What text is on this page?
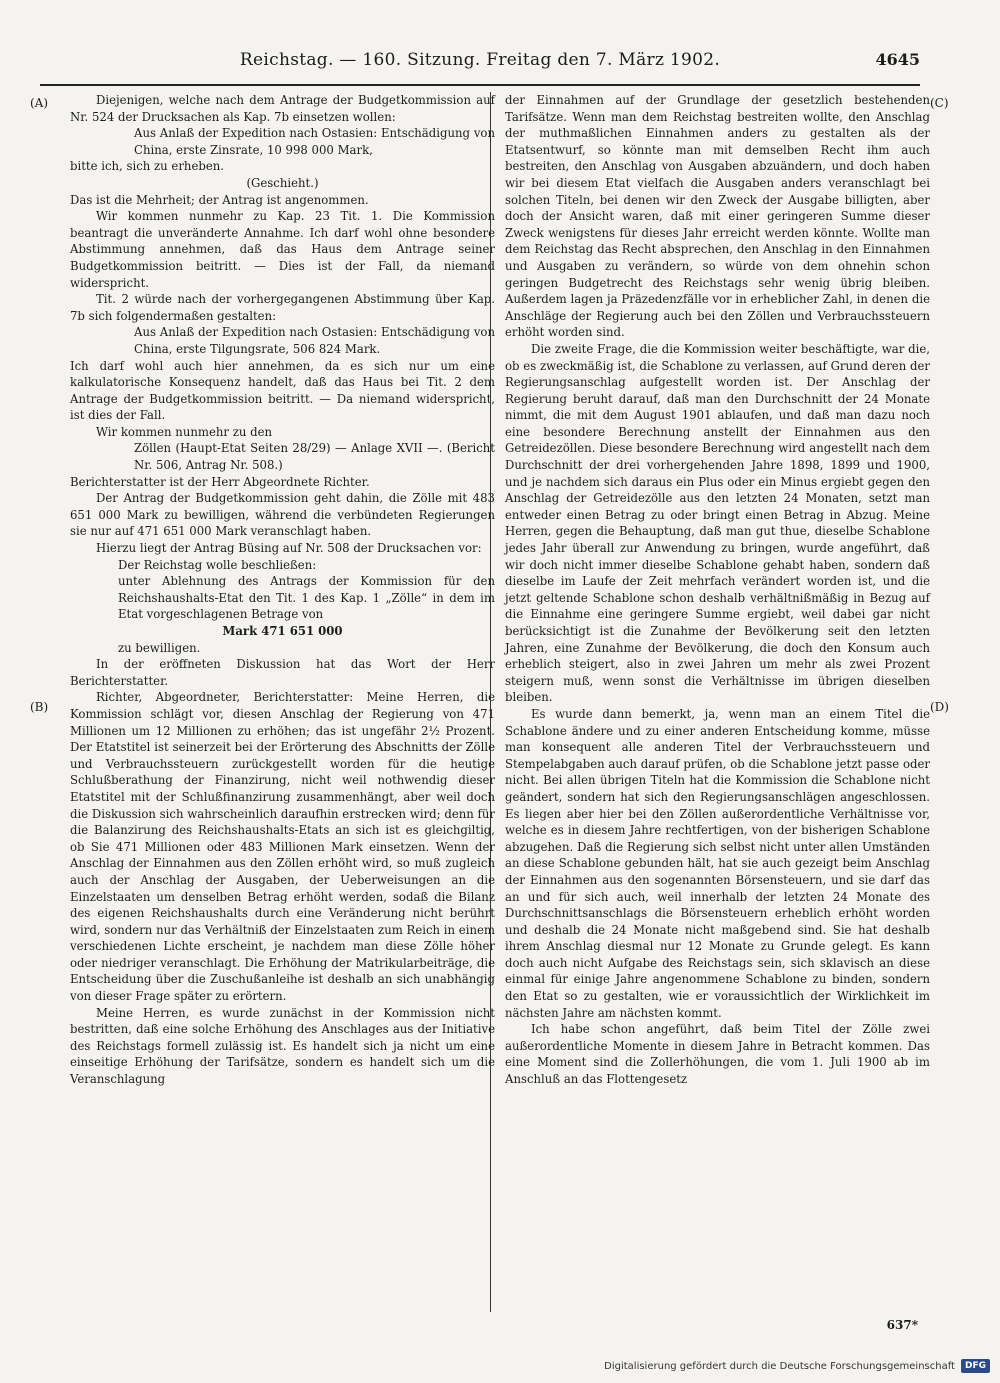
Reichstag. — 160. Sitzung. Freitag den 7. März 1902.	4645
(A)
(B)
(C)
(D)

Diejenigen, welche nach dem Antrage der Budgetkommission auf Nr. 524 der Drucksachen als Kap. 7b einsetzen wollen:

Aus Anlaß der Expedition nach Ostasien: Entschädigung von China, erste Zinsrate, 10 998 000 Mark,

bitte ich, sich zu erheben.

(Geschieht.)

Das ist die Mehrheit; der Antrag ist angenommen.

Wir kommen nunmehr zu Kap. 23 Tit. 1. Die Kommission beantragt die unveränderte Annahme. Ich darf wohl ohne besondere Abstimmung annehmen, daß das Haus dem Antrage seiner Budgetkommission beitritt. — Dies ist der Fall, da niemand widerspricht.

Tit. 2 würde nach der vorhergegangenen Abstimmung über Kap. 7b sich folgendermaßen gestalten:

Aus Anlaß der Expedition nach Ostasien: Entschädigung von China, erste Tilgungsrate, 506 824 Mark.

Ich darf wohl auch hier annehmen, da es sich nur um eine kalkulatorische Konsequenz handelt, daß das Haus bei Tit. 2 dem Antrage der Budgetkommission beitritt. — Da niemand widerspricht, ist dies der Fall.

Wir kommen nunmehr zu den

Zöllen (Haupt-Etat Seiten 28/29) — Anlage XVII —. (Bericht Nr. 506, Antrag Nr. 508.)

Berichterstatter ist der Herr Abgeordnete Richter.

Der Antrag der Budgetkommission geht dahin, die Zölle mit 483 651 000 Mark zu bewilligen, während die verbündeten Regierungen sie nur auf 471 651 000 Mark veranschlagt haben.

Hierzu liegt der Antrag Büsing auf Nr. 508 der Drucksachen vor:

Der Reichstag wolle beschließen:

unter Ablehnung des Antrags der Kommission für den Reichshaushalts-Etat den Tit. 1 des Kap. 1 „Zölle“ in dem im Etat vorgeschlagenen Betrage von

Mark 471 651 000

zu bewilligen.

In der eröffneten Diskussion hat das Wort der Herr Berichterstatter.

Richter, Abgeordneter, Berichterstatter: Meine Herren, die Kommission schlägt vor, diesen Anschlag der Regierung von 471 Millionen um 12 Millionen zu erhöhen; das ist ungefähr 2½ Prozent. Der Etatstitel ist seinerzeit bei der Erörterung des Abschnitts der Zölle und Verbrauchssteuern zurückgestellt worden für die heutige Schlußberathung der Finanzirung, nicht weil nothwendig dieser Etatstitel mit der Schlußfinanzirung zusammenhängt, aber weil doch die Diskussion sich wahrscheinlich daraufhin erstrecken wird; denn für die Balanzirung des Reichshaushalts-Etats an sich ist es gleichgiltig, ob Sie 471 Millionen oder 483 Millionen Mark einsetzen. Wenn der Anschlag der Einnahmen aus den Zöllen erhöht wird, so muß zugleich auch der Anschlag der Ausgaben, der Ueberweisungen an die Einzelstaaten um denselben Betrag erhöht werden, sodaß die Bilanz des eigenen Reichshaushalts durch eine Veränderung nicht berührt wird, sondern nur das Verhältniß der Einzelstaaten zum Reich in einem verschiedenen Lichte erscheint, je nachdem man diese Zölle höher oder niedriger veranschlagt. Die Erhöhung der Matrikularbeiträge, die Entscheidung über die Zuschußanleihe ist deshalb an sich unabhängig von dieser Frage später zu erörtern.

Meine Herren, es wurde zunächst in der Kommission nicht bestritten, daß eine solche Erhöhung des Anschlages aus der Initiative des Reichstags formell zulässig ist. Es handelt sich ja nicht um eine einseitige Erhöhung der Tarifsätze, sondern es handelt sich um die Veranschlagung

der Einnahmen auf der Grundlage der gesetzlich bestehenden Tarifsätze. Wenn man dem Reichstag bestreiten wollte, den Anschlag der muthmaßlichen Einnahmen anders zu gestalten als der Etatsentwurf, so könnte man mit demselben Recht ihm auch bestreiten, den Anschlag von Ausgaben abzuändern, und doch haben wir bei diesem Etat vielfach die Ausgaben anders veranschlagt bei solchen Titeln, bei denen wir den Zweck der Ausgabe billigten, aber doch der Ansicht waren, daß mit einer geringeren Summe dieser Zweck wenigstens für dieses Jahr erreicht werden könnte. Wollte man dem Reichstag das Recht absprechen, den Anschlag in den Einnahmen und Ausgaben zu verändern, so würde von dem ohnehin schon geringen Budgetrecht des Reichstags sehr wenig übrig bleiben. Außerdem lagen ja Präzedenzfälle vor in erheblicher Zahl, in denen die Anschläge der Regierung auch bei den Zöllen und Verbrauchssteuern erhöht worden sind.

Die zweite Frage, die die Kommission weiter beschäftigte, war die, ob es zweckmäßig ist, die Schablone zu verlassen, auf Grund deren der Regierungsanschlag aufgestellt worden ist. Der Anschlag der Regierung beruht darauf, daß man den Durchschnitt der 24 Monate nimmt, die mit dem August 1901 ablaufen, und daß man dazu noch eine besondere Berechnung anstellt der Einnahmen aus den Getreidezöllen. Diese besondere Berechnung wird angestellt nach dem Durchschnitt der drei vorhergehenden Jahre 1898, 1899 und 1900, und je nachdem sich daraus ein Plus oder ein Minus ergiebt gegen den Anschlag der Getreidezölle aus den letzten 24 Monaten, setzt man entweder einen Betrag zu oder bringt einen Betrag in Abzug. Meine Herren, gegen die Behauptung, daß man gut thue, dieselbe Schablone jedes Jahr überall zur Anwendung zu bringen, wurde angeführt, daß wir doch nicht immer dieselbe Schablone gehabt haben, sondern daß dieselbe im Laufe der Zeit mehrfach verändert worden ist, und die jetzt geltende Schablone schon deshalb verhältnißmäßig in Bezug auf die Einnahme eine geringere Summe ergiebt, weil dabei gar nicht berücksichtigt ist die Zunahme der Bevölkerung seit den letzten Jahren, eine Zunahme der Bevölkerung, die doch den Konsum auch erheblich steigert, also in zwei Jahren um mehr als zwei Prozent steigern muß, wenn sonst die Verhältnisse im übrigen dieselben bleiben.

Es wurde dann bemerkt, ja, wenn man an einem Titel die Schablone ändere und zu einer anderen Entscheidung komme, müsse man konsequent alle anderen Titel der Verbrauchssteuern und Stempelabgaben auch darauf prüfen, ob die Schablone jetzt passe oder nicht. Bei allen übrigen Titeln hat die Kommission die Schablone nicht geändert, sondern hat sich den Regierungsanschlägen angeschlossen. Es liegen aber hier bei den Zöllen außerordentliche Verhältnisse vor, welche es in diesem Jahre rechtfertigen, von der bisherigen Schablone abzugehen. Daß die Regierung sich selbst nicht unter allen Umständen an diese Schablone gebunden hält, hat sie auch gezeigt beim Anschlag der Einnahmen aus den sogenannten Börsensteuern, und sie darf das an und für sich auch, weil innerhalb der letzten 24 Monate des Durchschnittsanschlags die Börsensteuern erheblich erhöht worden und deshalb die 24 Monate nicht maßgebend sind. Sie hat deshalb ihrem Anschlag diesmal nur 12 Monate zu Grunde gelegt. Es kann doch auch nicht Aufgabe des Reichstags sein, sich sklavisch an diese einmal für einige Jahre angenommene Schablone zu binden, sondern den Etat so zu gestalten, wie er voraussichtlich der Wirklichkeit im nächsten Jahre am nächsten kommt.

Ich habe schon angeführt, daß beim Titel der Zölle zwei außerordentliche Momente in diesem Jahre in Betracht kommen. Das eine Moment sind die Zollerhöhungen, die vom 1. Juli 1900 ab im Anschluß an das Flottengesetz

637*
Digitalisierung gefördert durch die Deutsche Forschungsgemeinschaft	DFG
